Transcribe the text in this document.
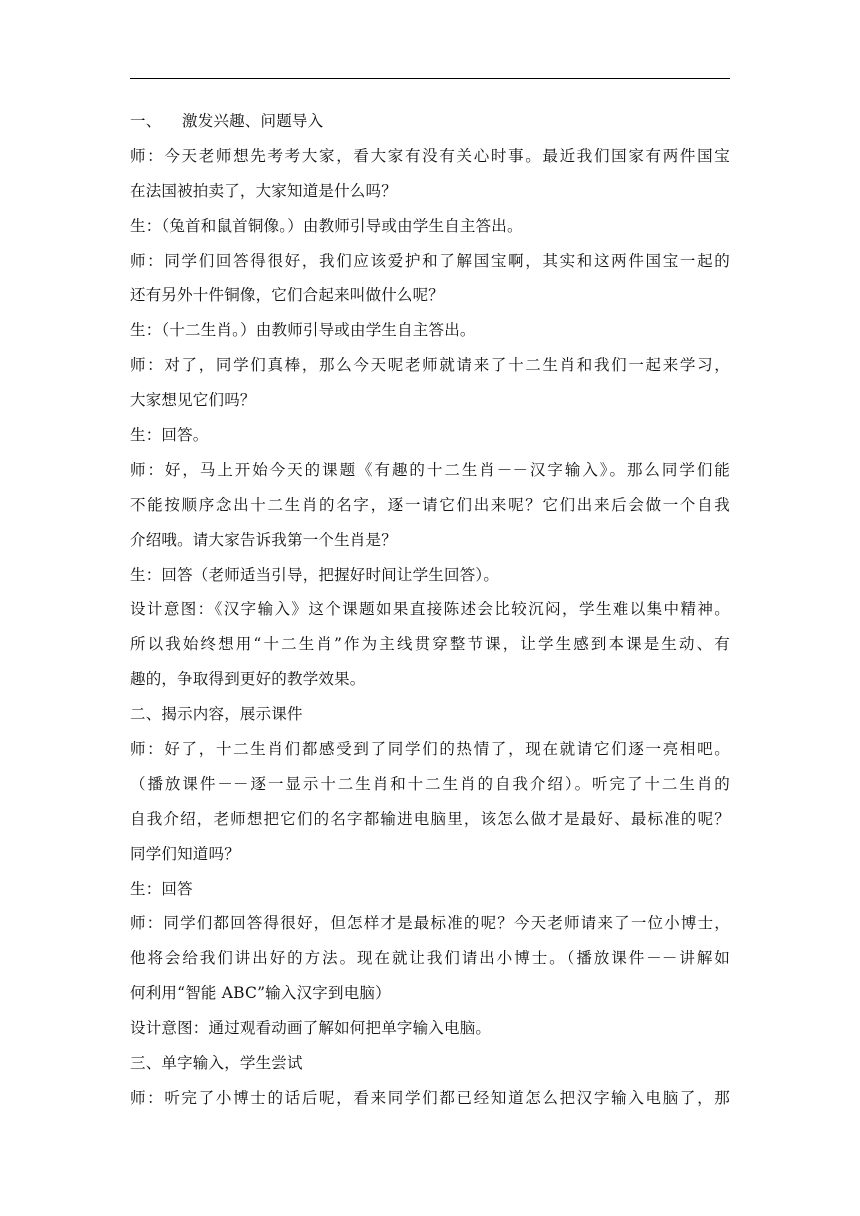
一、 激发兴趣、问题导入
师：今天老师想先考考大家，看大家有没有关心时事。最近我们国家有两件国宝
在法国被拍卖了，大家知道是什么吗？
生：（兔首和鼠首铜像。）由教师引导或由学生自主答出。
师：同学们回答得很好，我们应该爱护和了解国宝啊，其实和这两件国宝一起的
还有另外十件铜像，它们合起来叫做什么呢？
生：（十二生肖。）由教师引导或由学生自主答出。
师：对了，同学们真棒，那么今天呢老师就请来了十二生肖和我们一起来学习，
大家想见它们吗？
生：回答。
师：好，马上开始今天的课题《有趣的十二生肖－－汉字输入》。那么同学们能
不能按顺序念出十二生肖的名字，逐一请它们出来呢？它们出来后会做一个自我
介绍哦。请大家告诉我第一个生肖是？
生：回答（老师适当引导，把握好时间让学生回答）。
设计意图：《汉字输入》这个课题如果直接陈述会比较沉闷，学生难以集中精神。
所以我始终想用“十二生肖”作为主线贯穿整节课，让学生感到本课是生动、有
趣的，争取得到更好的教学效果。
二、揭示内容，展示课件
师：好了，十二生肖们都感受到了同学们的热情了，现在就请它们逐一亮相吧。
（播放课件－－逐一显示十二生肖和十二生肖的自我介绍）。听完了十二生肖的
自我介绍，老师想把它们的名字都输进电脑里，该怎么做才是最好、最标准的呢？
同学们知道吗？
生：回答
师：同学们都回答得很好，但怎样才是最标准的呢？今天老师请来了一位小博士，
他将会给我们讲出好的方法。现在就让我们请出小博士。（播放课件－－讲解如
何利用“智能 ABC”输入汉字到电脑）
设计意图：通过观看动画了解如何把单字输入电脑。
三、单字输入，学生尝试
师：听完了小博士的话后呢，看来同学们都已经知道怎么把汉字输入电脑了，那
